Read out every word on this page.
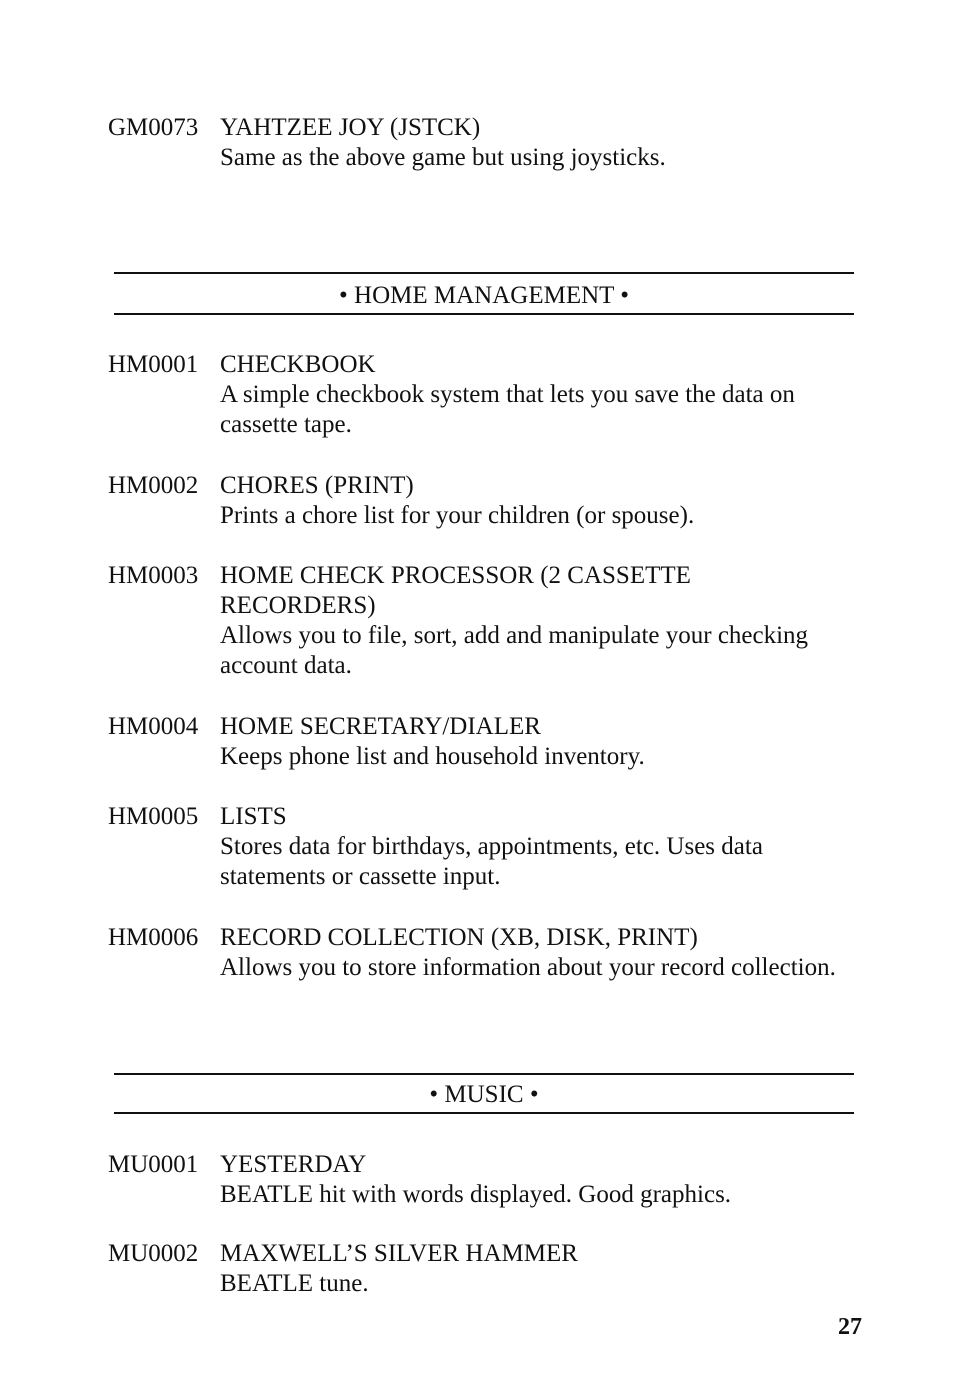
GM0073 YAHTZEE JOY (JSTCK)
Same as the above game but using joysticks.
• HOME MANAGEMENT •
HM0001 CHECKBOOK
A simple checkbook system that lets you save the data on
cassette tape.
HM0002 CHORES (PRINT)
Prints a chore list for your children (or spouse).
HM0003 HOME CHECK PROCESSOR (2 CASSETTE
RECORDERS)
Allows you to file, sort, add and manipulate your checking
account data.
HM0004 HOME SECRETARY/DIALER
Keeps phone list and household inventory.
HM0005 LISTS
Stores data for birthdays, appointments, etc. Uses data
statements or cassette input.
HM0006 RECORD COLLECTION (XB, DISK, PRINT)
Allows you to store information about your record collection.
• MUSIC •
MU0001 YESTERDAY
BEATLE hit with words displayed. Good graphics.
MU0002 MAXWELL’S SILVER HAMMER
BEATLE tune.
27
